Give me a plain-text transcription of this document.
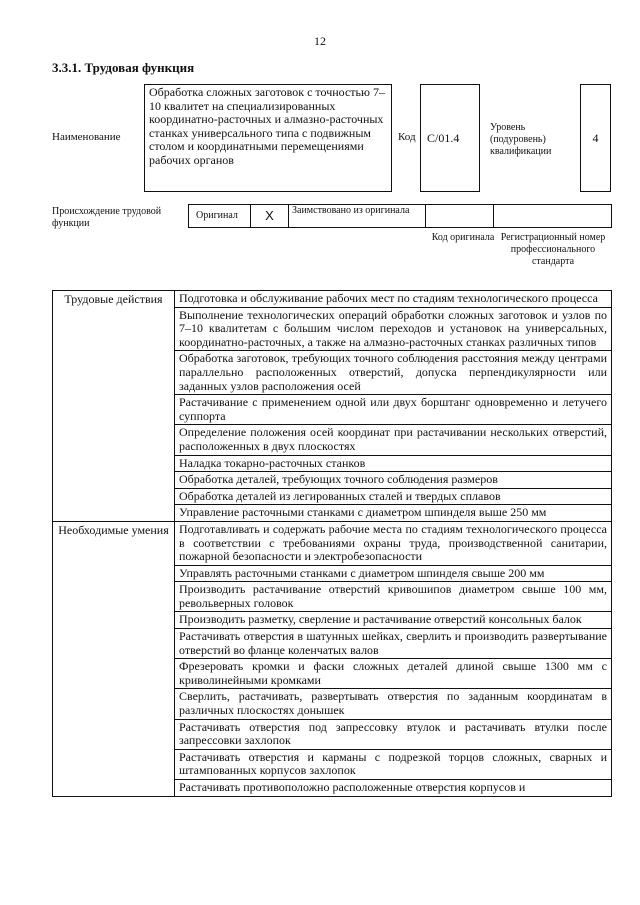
12
3.3.1. Трудовая функция
Наименование
Обработка сложных заготовок с точностью 7–10 квалитет на специализированных координатно-расточных и алмазно-расточных станках универсального типа с подвижным столом и координатными перемещениями рабочих органов
Код C/01.4
Уровень (подуровень) квалификации
4
Происхождение трудовой функции
Оригинал	X	Заимствовано из оригинала
Код оригинала Регистрационный номер профессионального стандарта
Трудовые действия	Подготовка и обслуживание рабочих мест по стадиям технологического процесса
	Выполнение технологических операций обработки сложных заготовок и узлов по 7–10 квалитетам с большим числом переходов и установок на универсальных, координатно-расточных, а также на алмазно-расточных станках различных типов
	Обработка заготовок, требующих точного соблюдения расстояния между центрами параллельно расположенных отверстий, допуска перпендикулярности или заданных узлов расположения осей
	Растачивание с применением одной или двух борштанг одновременно и летучего суппорта
	Определение положения осей координат при растачивании нескольких отверстий, расположенных в двух плоскостях
	Наладка токарно-расточных станков
	Обработка деталей, требующих точного соблюдения размеров
	Обработка деталей из легированных сталей и твердых сплавов
	Управление расточными станками с диаметром шпинделя выше 250 мм
Необходимые умения	Подготавливать и содержать рабочие места по стадиям технологического процесса в соответствии с требованиями охраны труда, производственной санитарии, пожарной безопасности и электробезопасности
	Управлять расточными станками с диаметром шпинделя свыше 200 мм
	Производить растачивание отверстий кривошипов диаметром свыше 100 мм, револьверных головок
	Производить разметку, сверление и растачивание отверстий консольных балок
	Растачивать отверстия в шатунных шейках, сверлить и производить развертывание отверстий во фланце коленчатых валов
	Фрезеровать кромки и фаски сложных деталей длиной свыше 1300 мм с криволинейными кромками
	Сверлить, растачивать, развертывать отверстия по заданным координатам в различных плоскостях донышек
	Растачивать отверстия под запрессовку втулок и растачивать втулки после запрессовки захлопок
	Растачивать отверстия и карманы с подрезкой торцов сложных, сварных и штампованных корпусов захлопок
	Растачивать противоположно расположенные отверстия корпусов и
